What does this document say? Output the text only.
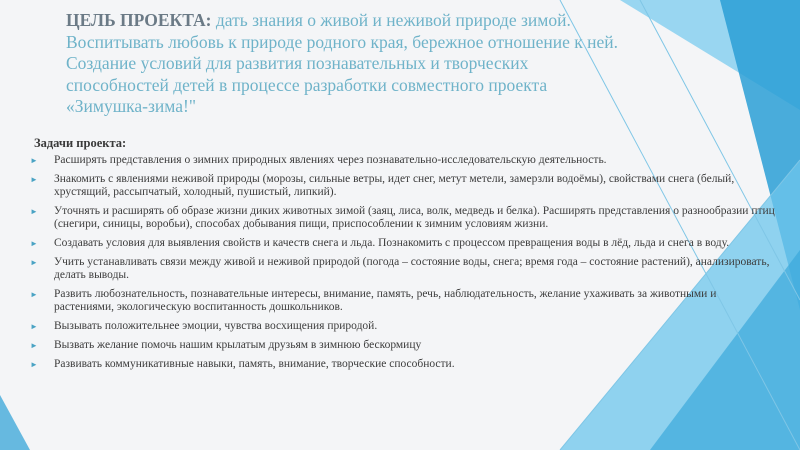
ЦЕЛЬ ПРОЕКТА: дать знания о живой и неживой природе зимой. Воспитывать любовь к природе родного края, бережное отношение к ней. Создание условий для развития познавательных и творческих способностей детей в процессе разработки совместного проекта «Зимушка-зима!"
Задачи проекта:
► Расширять представления о зимних природных явлениях через познавательно-исследовательскую деятельность.
► Знакомить с явлениями неживой природы (морозы, сильные ветры, идет снег, метут метели, замерзли водоёмы), свойствами снега (белый, хрустящий, рассыпчатый, холодный, пушистый, липкий).
► Уточнять и расширять об образе жизни диких животных зимой (заяц, лиса, волк, медведь и белка). Расширять представления о разнообразии птиц (снегири, синицы, воробьи), способах добывания пищи, приспособлении к зимним условиям жизни.
► Создавать условия для выявления свойств и качеств снега и льда. Познакомить с процессом превращения воды в лёд, льда и снега в воду.
► Учить устанавливать связи между живой и неживой природой (погода – состояние воды, снега; время года – состояние растений), анализировать, делать выводы.
► Развить любознательность, познавательные интересы, внимание, память, речь, наблюдательность, желание ухаживать за животными и растениями, экологическую воспитанность дошкольников.
► Вызывать положительнее эмоции, чувства восхищения природой.
► Вызвать желание помочь нашим крылатым друзьям в зимнюю бескормицу
► Развивать коммуникативные навыки, память, внимание, творческие способности.
